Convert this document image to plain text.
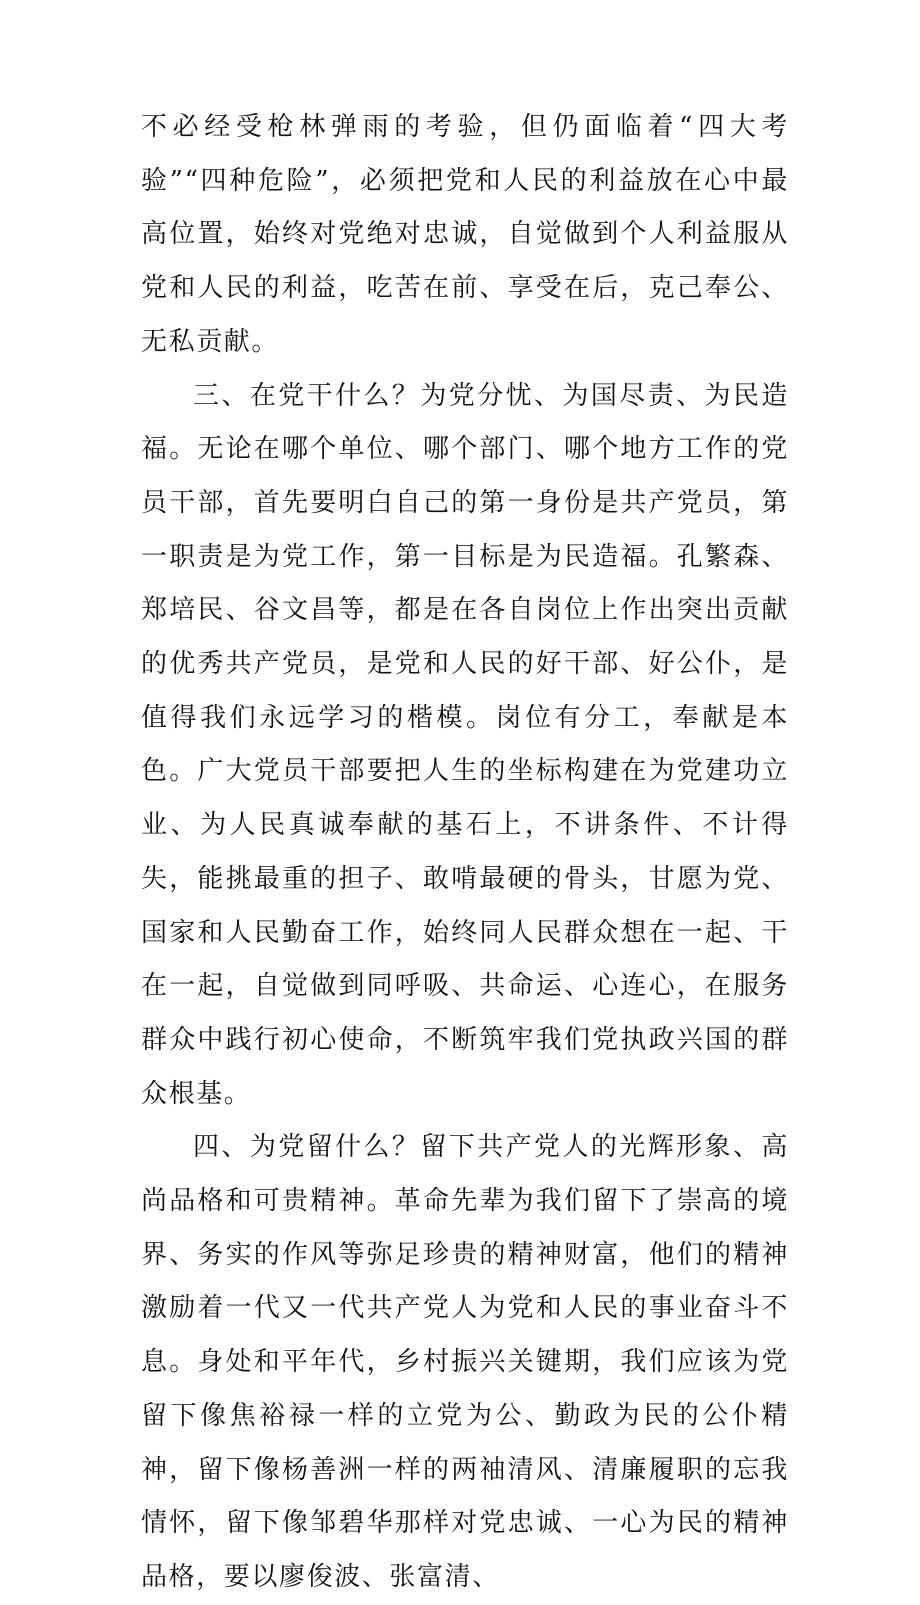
不必经受枪林弹雨的考验，但仍面临着“四大考验”“四种危险”，必须把党和人民的利益放在心中最高位置，始终对党绝对忠诚，自觉做到个人利益服从党和人民的利益，吃苦在前、享受在后，克己奉公、无私贡献。

三、在党干什么？为党分忧、为国尽责、为民造福。无论在哪个单位、哪个部门、哪个地方工作的党员干部，首先要明白自己的第一身份是共产党员，第一职责是为党工作，第一目标是为民造福。孔繁森、郑培民、谷文昌等，都是在各自岗位上作出突出贡献的优秀共产党员，是党和人民的好干部、好公仆，是值得我们永远学习的楷模。岗位有分工，奉献是本色。广大党员干部要把人生的坐标构建在为党建功立业、为人民真诚奉献的基石上，不讲条件、不计得失，能挑最重的担子、敢啃最硬的骨头，甘愿为党、国家和人民勤奋工作，始终同人民群众想在一起、干在一起，自觉做到同呼吸、共命运、心连心，在服务群众中践行初心使命，不断筑牢我们党执政兴国的群众根基。

四、为党留什么？留下共产党人的光辉形象、高尚品格和可贵精神。革命先辈为我们留下了崇高的境界、务实的作风等弥足珍贵的精神财富，他们的精神激励着一代又一代共产党人为党和人民的事业奋斗不息。身处和平年代，乡村振兴关键期，我们应该为党留下像焦裕禄一样的立党为公、勤政为民的公仆精神，留下像杨善洲一样的两袖清风、清廉履职的忘我情怀，留下像邹碧华那样对党忠诚、一心为民的精神品格，要以廖俊波、张富清、
